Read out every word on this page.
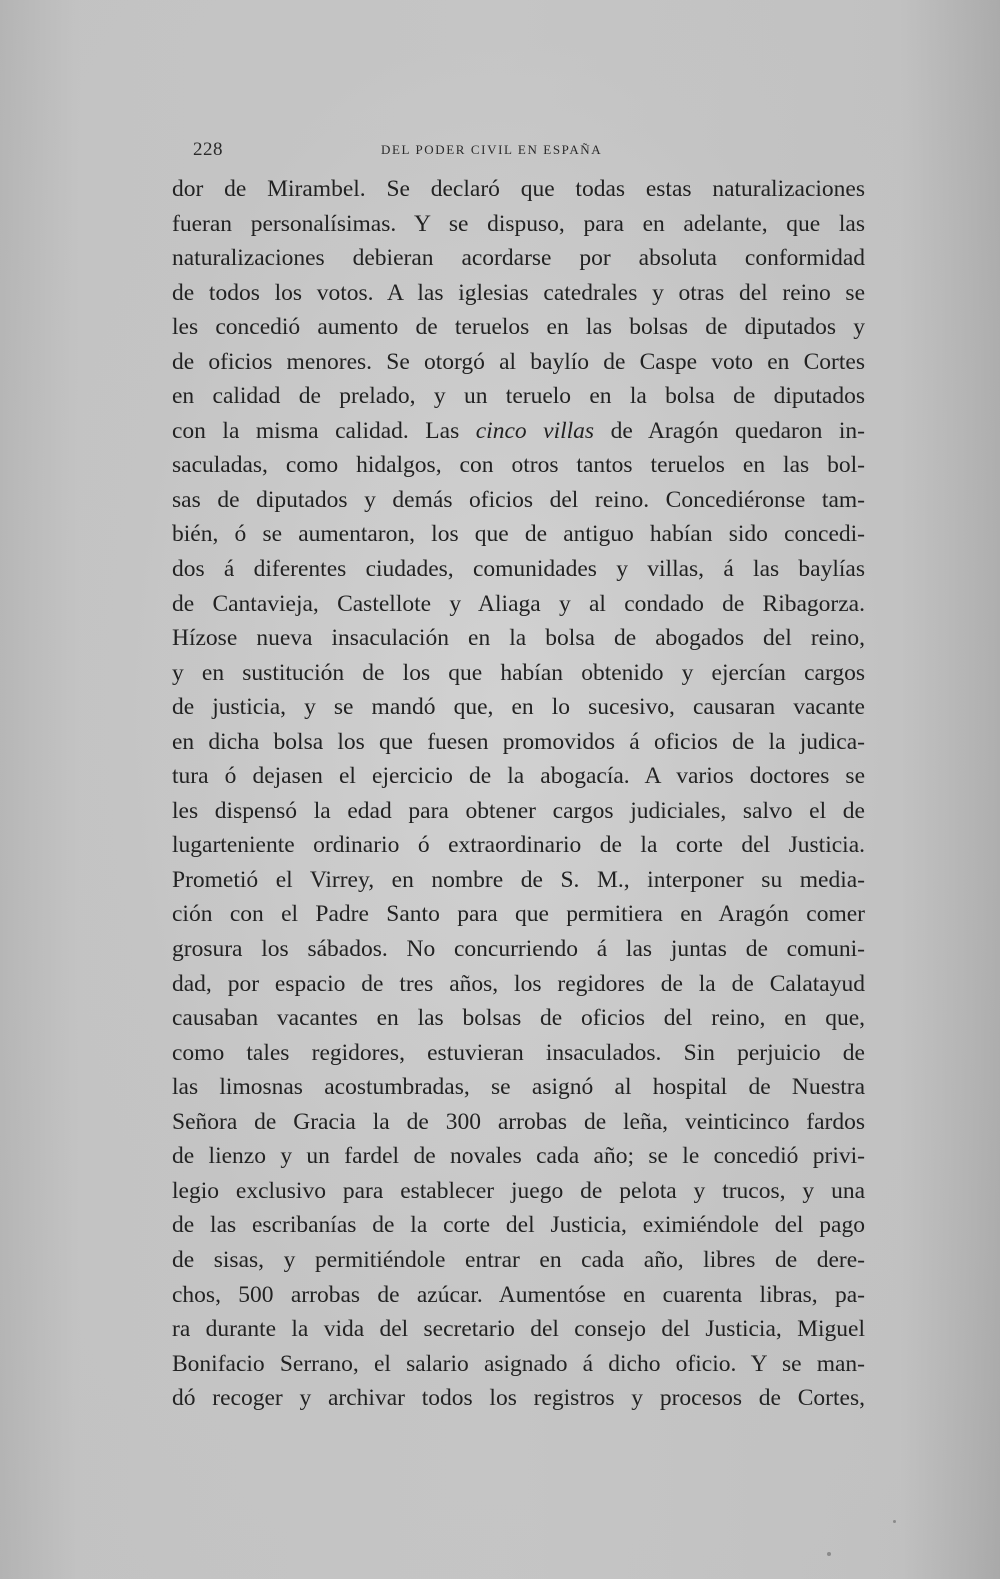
228	DEL PODER CIVIL EN ESPAÑA
dor de Mirambel. Se declaró que todas estas naturalizaciones
fueran personalísimas. Y se dispuso, para en adelante, que las
naturalizaciones debieran acordarse por absoluta conformidad
de todos los votos. A las iglesias catedrales y otras del reino se
les concedió aumento de teruelos en las bolsas de diputados y
de oficios menores. Se otorgó al baylío de Caspe voto en Cortes
en calidad de prelado, y un teruelo en la bolsa de diputados
con la misma calidad. Las cinco villas de Aragón quedaron in-
saculadas, como hidalgos, con otros tantos teruelos en las bol-
sas de diputados y demás oficios del reino. Concediéronse tam-
bién, ó se aumentaron, los que de antiguo habían sido concedi-
dos á diferentes ciudades, comunidades y villas, á las baylías
de Cantavieja, Castellote y Aliaga y al condado de Ribagorza.
Hízose nueva insaculación en la bolsa de abogados del reino,
y en sustitución de los que habían obtenido y ejercían cargos
de justicia, y se mandó que, en lo sucesivo, causaran vacante
en dicha bolsa los que fuesen promovidos á oficios de la judica-
tura ó dejasen el ejercicio de la abogacía. A varios doctores se
les dispensó la edad para obtener cargos judiciales, salvo el de
lugarteniente ordinario ó extraordinario de la corte del Justicia.
Prometió el Virrey, en nombre de S. M., interponer su media-
ción con el Padre Santo para que permitiera en Aragón comer
grosura los sábados. No concurriendo á las juntas de comuni-
dad, por espacio de tres años, los regidores de la de Calatayud
causaban vacantes en las bolsas de oficios del reino, en que,
como tales regidores, estuvieran insaculados. Sin perjuicio de
las limosnas acostumbradas, se asignó al hospital de Nuestra
Señora de Gracia la de 300 arrobas de leña, veinticinco fardos
de lienzo y un fardel de novales cada año; se le concedió privi-
legio exclusivo para establecer juego de pelota y trucos, y una
de las escribanías de la corte del Justicia, eximiéndole del pago
de sisas, y permitiéndole entrar en cada año, libres de dere-
chos, 500 arrobas de azúcar. Aumentóse en cuarenta libras, pa-
ra durante la vida del secretario del consejo del Justicia, Miguel
Bonifacio Serrano, el salario asignado á dicho oficio. Y se man-
dó recoger y archivar todos los registros y procesos de Cortes,
